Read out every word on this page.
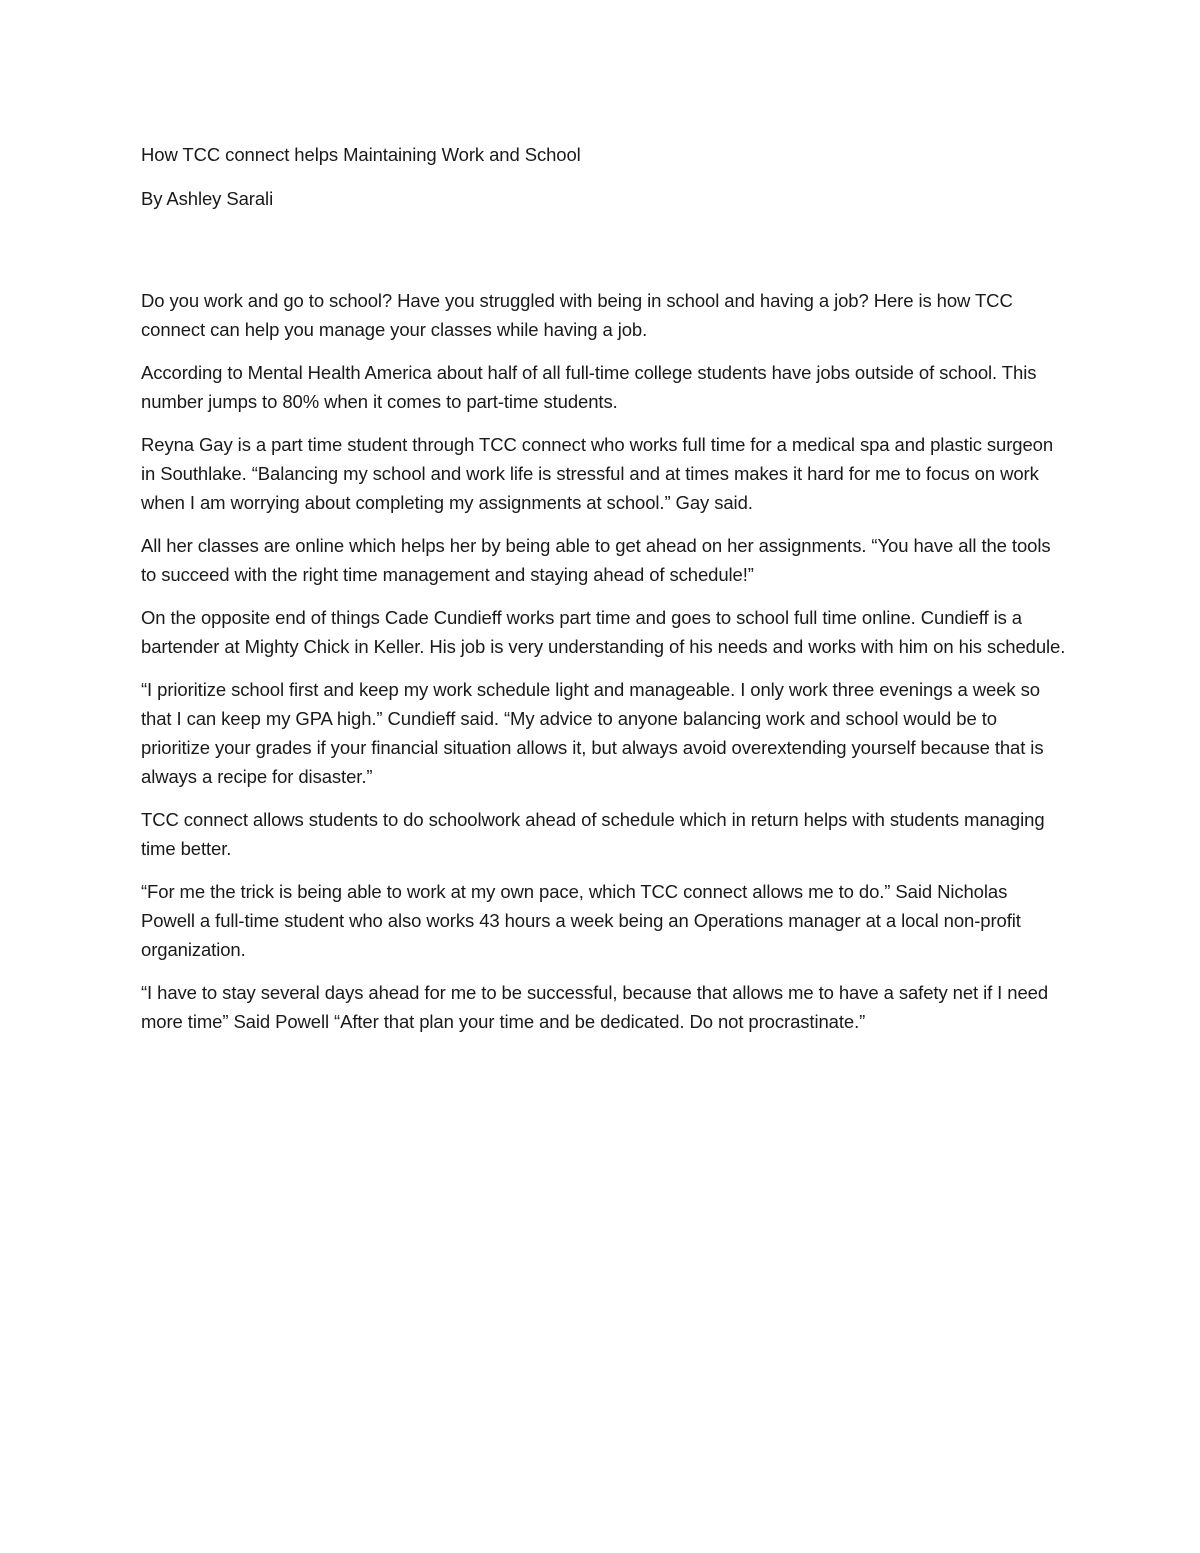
How TCC connect helps Maintaining Work and School

By Ashley Sarali

Do you work and go to school? Have you struggled with being in school and having a job? Here is how TCC connect can help you manage your classes while having a job.

According to Mental Health America about half of all full-time college students have jobs outside of school. This number jumps to 80% when it comes to part-time students.

Reyna Gay is a part time student through TCC connect who works full time for a medical spa and plastic surgeon in Southlake. “Balancing my school and work life is stressful and at times makes it hard for me to focus on work when I am worrying about completing my assignments at school.” Gay said.

All her classes are online which helps her by being able to get ahead on her assignments. “You have all the tools to succeed with the right time management and staying ahead of schedule!”

On the opposite end of things Cade Cundieff works part time and goes to school full time online. Cundieff is a bartender at Mighty Chick in Keller. His job is very understanding of his needs and works with him on his schedule.

“I prioritize school first and keep my work schedule light and manageable. I only work three evenings a week so that I can keep my GPA high.” Cundieff said. “My advice to anyone balancing work and school would be to prioritize your grades if your financial situation allows it, but always avoid overextending yourself because that is always a recipe for disaster.”

TCC connect allows students to do schoolwork ahead of schedule which in return helps with students managing time better.

“For me the trick is being able to work at my own pace, which TCC connect allows me to do.” Said Nicholas Powell a full-time student who also works 43 hours a week being an Operations manager at a local non-profit organization.

“I have to stay several days ahead for me to be successful, because that allows me to have a safety net if I need more time” Said Powell “After that plan your time and be dedicated. Do not procrastinate.”
